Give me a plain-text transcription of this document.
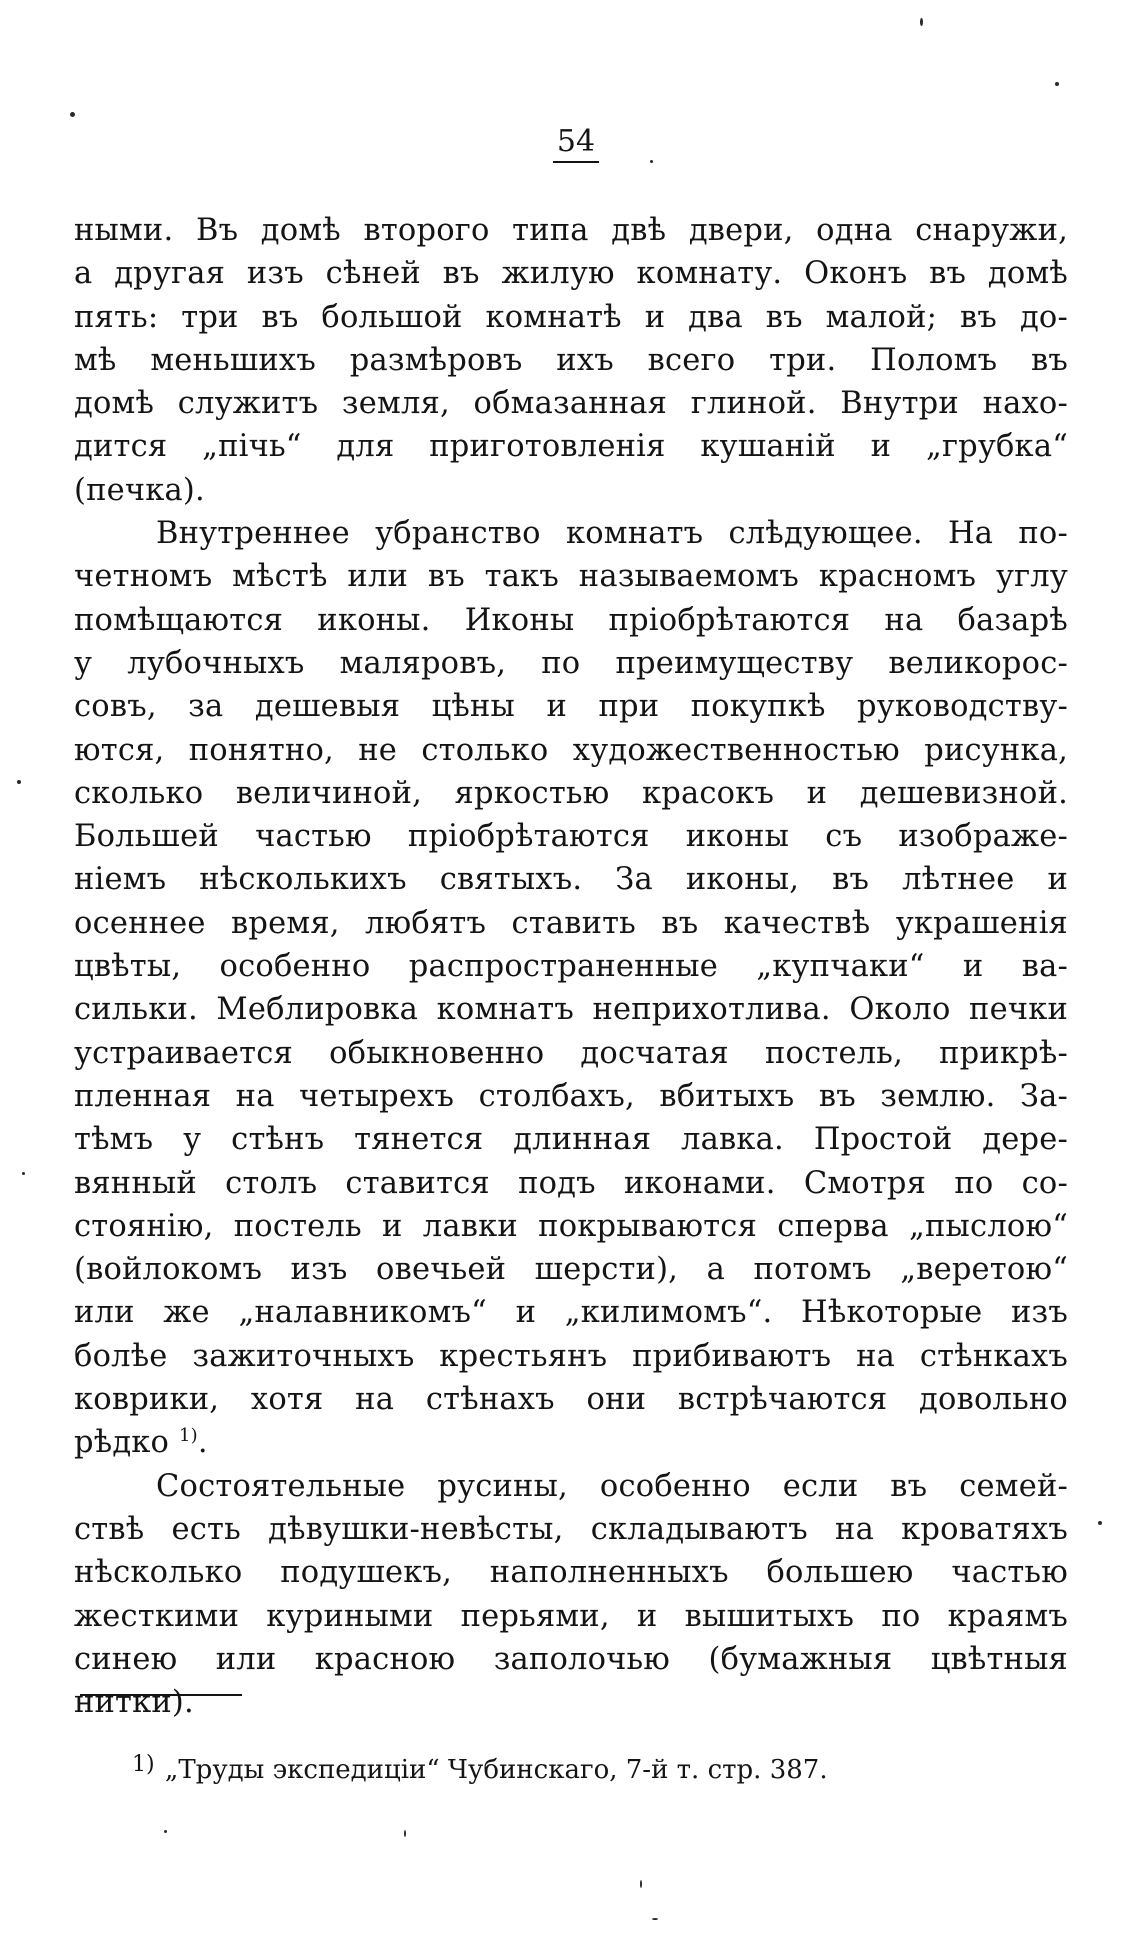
54

ными. Въ домѣ второго типа двѣ двери, одна снаружи,
а другая изъ сѣней въ жилую комнату. Оконъ въ домѣ
пять: три въ большой комнатѣ и два въ малой; въ до-
мѣ меньшихъ размѣровъ ихъ всего три. Поломъ въ
домѣ служитъ земля, обмазанная глиной. Внутри нахо-
дится „пічь“ для приготовленія кушаній и „грубка“
(печка).

Внутреннее убранство комнатъ слѣдующее. На по-
четномъ мѣстѣ или въ такъ называемомъ красномъ углу
помѣщаются иконы. Иконы пріобрѣтаются на базарѣ
у лубочныхъ маляровъ, по преимуществу великорос-
совъ, за дешевыя цѣны и при покупкѣ руководству-
ются, понятно, не столько художественностью рисунка,
сколько величиной, яркостью красокъ и дешевизной.
Большей частью пріобрѣтаются иконы съ изображе-
ніемъ нѣсколькихъ святыхъ. За иконы, въ лѣтнее и
осеннее время, любятъ ставить въ качествѣ украшенія
цвѣты, особенно распространенные „купчаки“ и ва-
сильки. Меблировка комнатъ неприхотлива. Около печки
устраивается обыкновенно досчатая постель, прикрѣ-
пленная на четырехъ столбахъ, вбитыхъ въ землю. За-
тѣмъ у стѣнъ тянется длинная лавка. Простой дере-
вянный столъ ставится подъ иконами. Смотря по со-
стоянію, постель и лавки покрываются сперва „пыслою“
(войлокомъ изъ овечьей шерсти), а потомъ „веретою“
или же „налавникомъ“ и „килимомъ“. Нѣкоторые изъ
болѣе зажиточныхъ крестьянъ прибиваютъ на стѣнкахъ
коврики, хотя на стѣнахъ они встрѣчаются довольно
рѣдко $^{1)}$.

Состоятельные русины, особенно если въ семей-
ствѣ есть дѣвушки-невѣсты, складываютъ на кроватяхъ
нѣсколько подушекъ, наполненныхъ большею частью
жесткими куриными перьями, и вышитыхъ по краямъ
синею или красною заполочью (бумажныя цвѣтныя
нитки).

$^{1)}$ „Труды экспедиціи“ Чубинскаго, 7-й т. стр. 387.
